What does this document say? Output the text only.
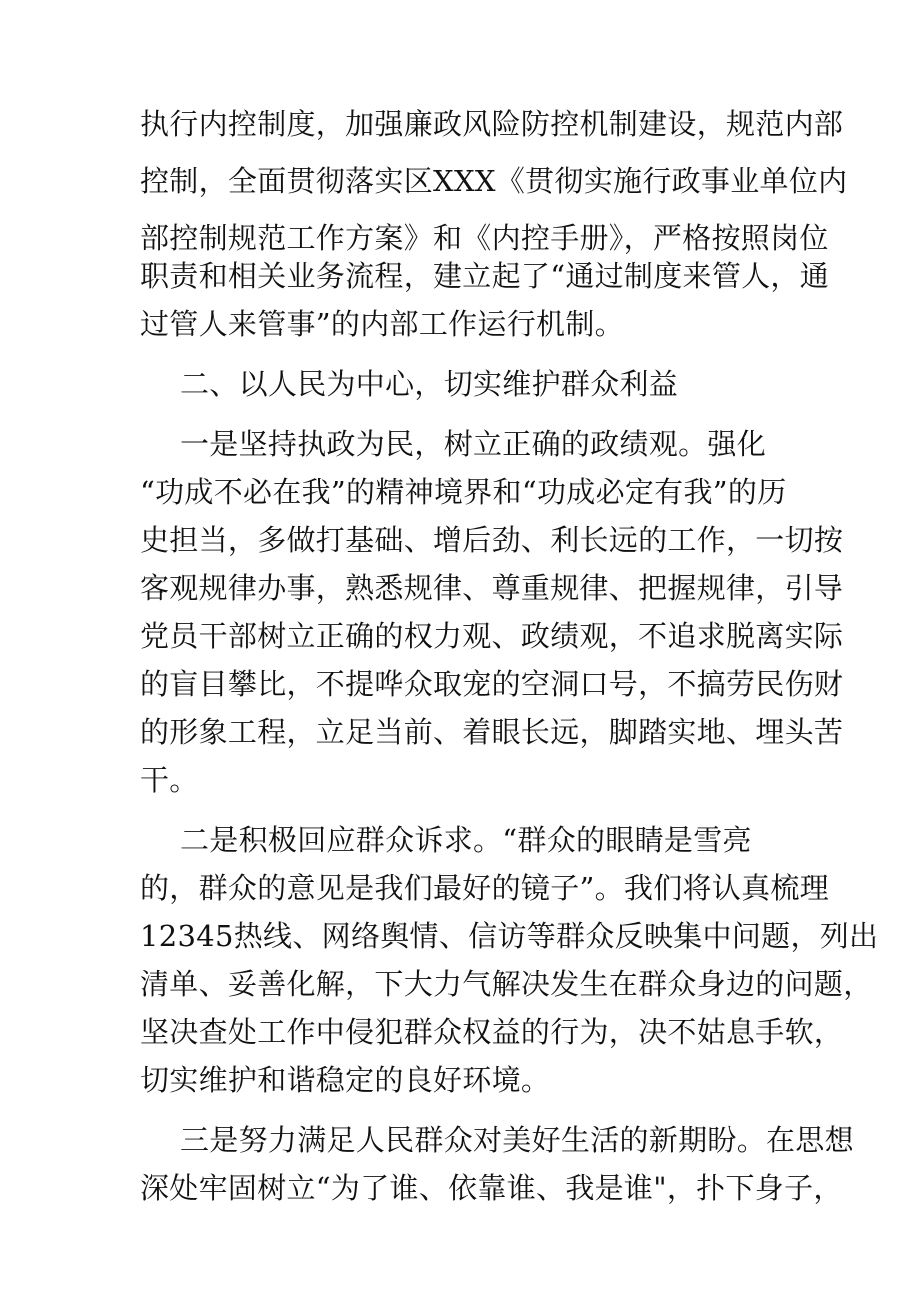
执行内控制度，加强廉政风险防控机制建设，规范内部
控制，全面贯彻落实区XXX《贯彻实施行政事业单位内
部控制规范工作方案》和《内控手册》，严格按照岗位
职责和相关业务流程，建立起了“通过制度来管人，通
过管人来管事”的内部工作运行机制。
二、以人民为中心，切实维护群众利益
一是坚持执政为民，树立正确的政绩观。强化
“功成不必在我”的精神境界和“功成必定有我”的历
史担当，多做打基础、增后劲、利长远的工作，一切按
客观规律办事，熟悉规律、尊重规律、把握规律，引导
党员干部树立正确的权力观、政绩观，不追求脱离实际
的盲目攀比，不提哗众取宠的空洞口号，不搞劳民伤财
的形象工程，立足当前、着眼长远，脚踏实地、埋头苦
干。
二是积极回应群众诉求。“群众的眼睛是雪亮
的，群众的意见是我们最好的镜子”。我们将认真梳理
12345热线、网络舆情、信访等群众反映集中问题，列出
清单、妥善化解，下大力气解决发生在群众身边的问题，
坚决查处工作中侵犯群众权益的行为，决不姑息手软，
切实维护和谐稳定的良好环境。
三是努力满足人民群众对美好生活的新期盼。在思想
深处牢固树立“为了谁、依靠谁、我是谁"，扑下身子，
